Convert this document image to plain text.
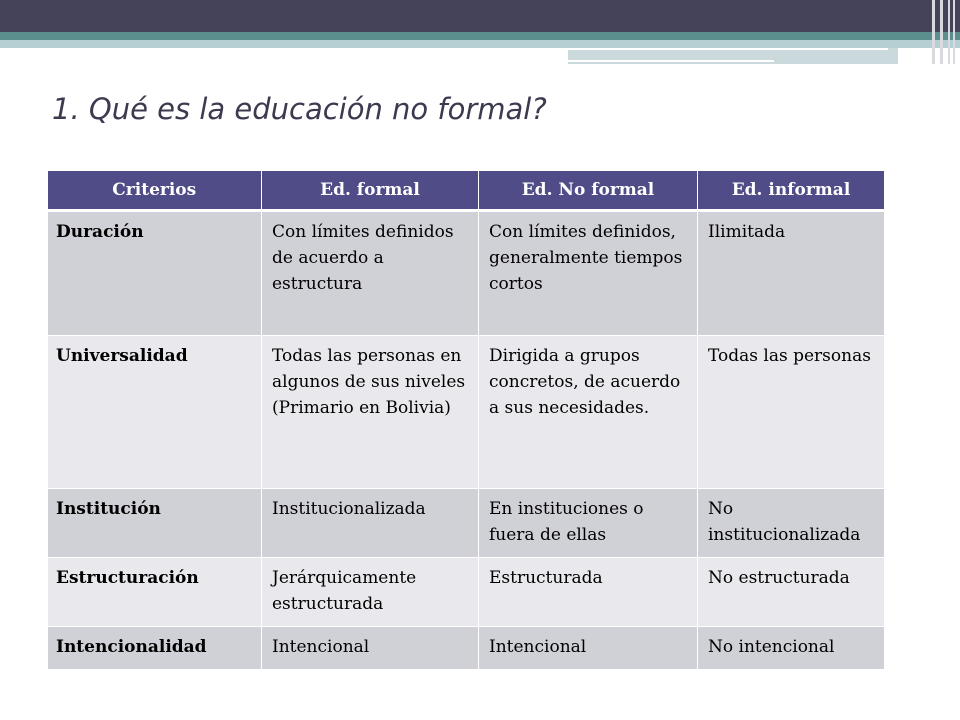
1. Qué es la educación no formal?
Criterios	Ed. formal	Ed. No formal	Ed. informal
Duración	Con límites definidos de acuerdo a estructura	Con límites definidos, generalmente tiempos cortos	Ilimitada
Universalidad	Todas las personas en algunos de sus niveles (Primario en Bolivia)	Dirigida a grupos concretos, de acuerdo a sus necesidades.	Todas las personas
Institución	Institucionalizada	En instituciones o fuera de ellas	No institucionalizada
Estructuración	Jerárquicamente estructurada	Estructurada	No estructurada
Intencionalidad	Intencional	Intencional	No intencional
